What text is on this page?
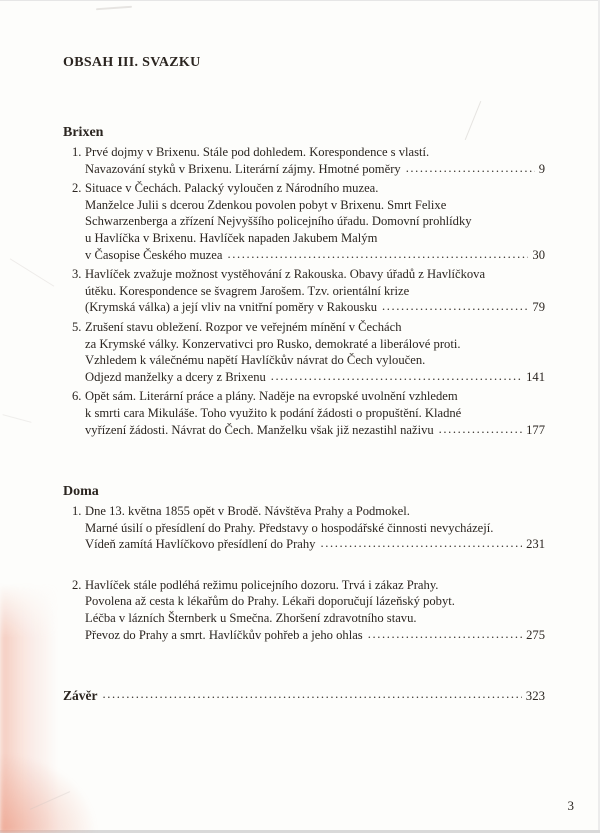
OBSAH III. SVAZKU
Brixen
1. Prvé dojmy v Brixenu. Stále pod dohledem. Korespondence s vlastí.
Navazování styků v Brixenu. Literární zájmy. Hmotné poměry .....	9
2. Situace v Čechách. Palacký vyloučen z Národního muzea.
Manželce Julii s dcerou Zdenkou povolen pobyt v Brixenu. Smrt Felixe
Schwarzenberga a zřízení Nejvyššího policejního úřadu. Domovní prohlídky
u Havlíčka v Brixenu. Havlíček napaden Jakubem Malým
v Časopise Českého muzea .....	30
3. Havlíček zvažuje možnost vystěhování z Rakouska. Obavy úřadů z Havlíčkova
útěku. Korespondence se švagrem Jarošem. Tzv. orientální krize
(Krymská válka) a její vliv na vnitřní poměry v Rakousku .....	79
5. Zrušení stavu obležení. Rozpor ve veřejném mínění v Čechách
za Krymské války. Konzervativci pro Rusko, demokraté a liberálové proti.
Vzhledem k válečnému napětí Havlíčkův návrat do Čech vyloučen.
Odjezd manželky a dcery z Brixenu .....	141
6. Opět sám. Literární práce a plány. Naděje na evropské uvolnění vzhledem
k smrti cara Mikuláše. Toho využito k podání žádosti o propuštění. Kladné
vyřízení žádosti. Návrat do Čech. Manželku však již nezastihl naživu .....	177
Doma
1. Dne 13. května 1855 opět v Brodě. Návštěva Prahy a Podmokel.
Marné úsilí o přesídlení do Prahy. Představy o hospodářské činnosti nevycházejí.
Vídeň zamítá Havlíčkovo přesídlení do Prahy .....	231
2. Havlíček stále podléhá režimu policejního dozoru. Trvá i zákaz Prahy.
Povolena až cesta k lékařům do Prahy. Lékaři doporučují lázeňský pobyt.
Léčba v lázních Šternberk u Smečna. Zhoršení zdravotního stavu.
Převoz do Prahy a smrt. Havlíčkův pohřeb a jeho ohlas .....	275
Závěr .....	323
3
